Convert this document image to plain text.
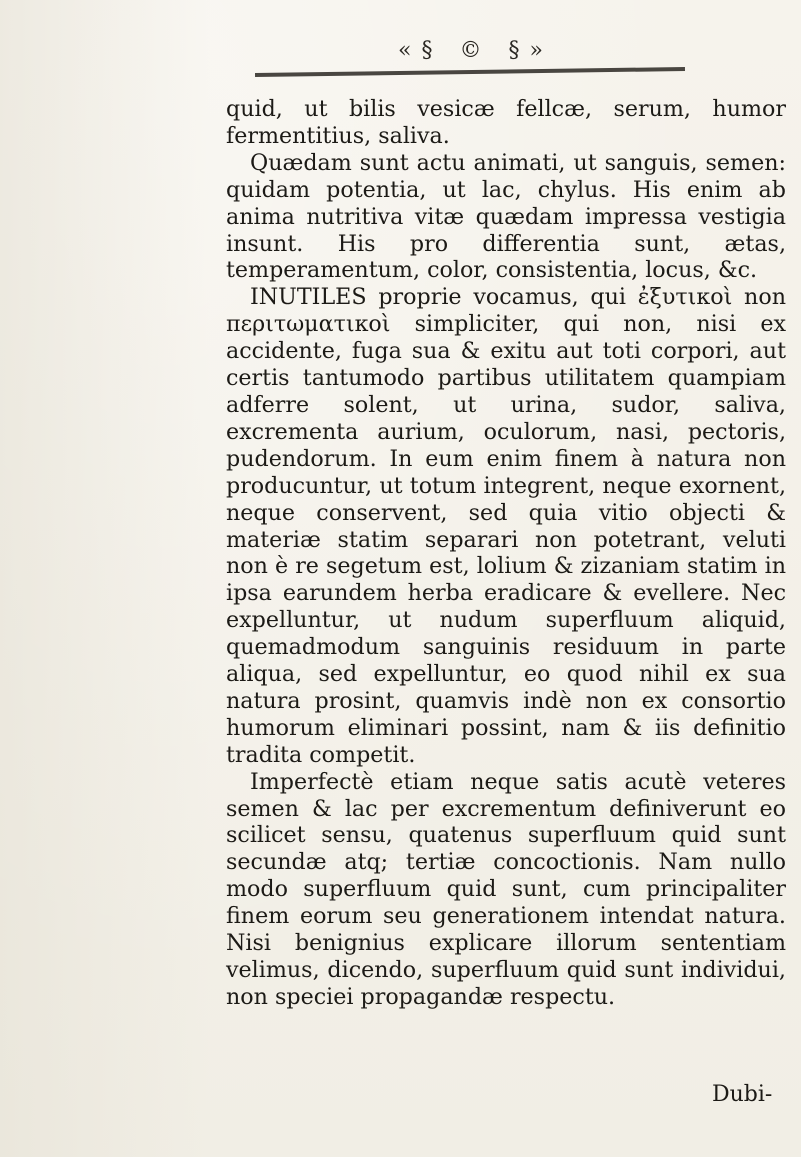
«§ © §»

quid, ut bilis vesicæ fellcæ, serum, humor fermentitius, saliva.

Quædam sunt actu animati, ut sanguis, semen: quidam potentia, ut lac, chylus. His enim ab anima nutritiva vitæ quædam impressa vestigia insunt. His pro differentia sunt, ætas, temperamentum, color, consistentia, locus, &c.

INUTILES proprie vocamus, qui ἐξυτικοὶ non περιτωματικοὶ simpliciter, qui non, nisi ex accidente, fuga sua & exitu aut toti corpori, aut certis tantumodo partibus utilitatem quampiam adferre solent, ut urina, sudor, saliva, excrementa aurium, oculorum, nasi, pectoris, pudendorum. In eum enim finem à natura non producuntur, ut totum integrent, neque exornent, neque conservent, sed quia vitio objecti & materiæ statim separari non potetrant, veluti non è re segetum est, lolium & zizaniam statim in ipsa earundem herba eradicare & evellere. Nec expelluntur, ut nudum superfluum aliquid, quemadmodum sanguinis residuum in parte aliqua, sed expelluntur, eo quod nihil ex sua natura prosint, quamvis indè non ex consortio humorum eliminari possint, nam & iis definitio tradita competit.

Imperfectè etiam neque satis acutè veteres semen & lac per excrementum definiverunt eo scilicet sensu, quatenus superfluum quid sunt secundæ atq; tertiæ concoctionis. Nam nullo modo superfluum quid sunt, cum principaliter finem eorum seu generationem intendat natura. Nisi benignius explicare illorum sententiam velimus, dicendo, superfluum quid sunt individui, non speciei propagandæ respectu.

Dubi-
